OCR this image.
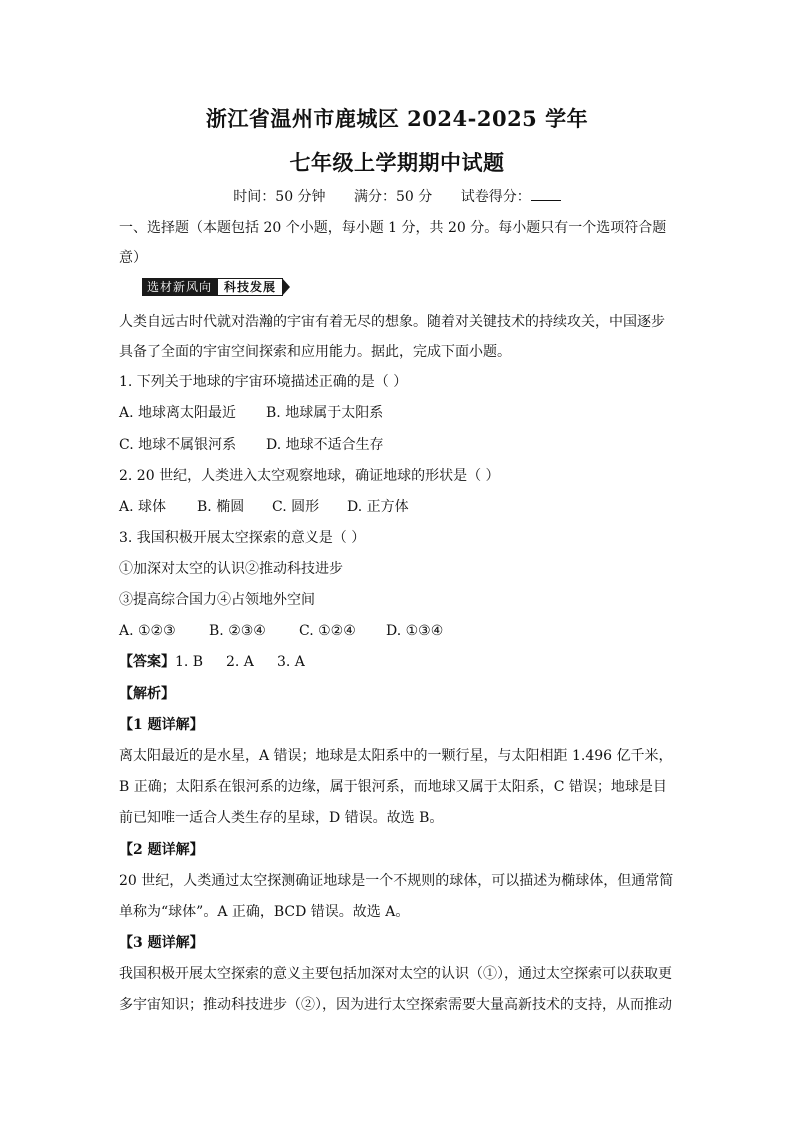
浙江省温州市鹿城区 2024-2025 学年
七年级上学期期中试题
时间：50 分钟 满分：50 分 试卷得分：
一、选择题（本题包括 20 个小题，每小题 1 分，共 20 分。每小题只有一个选项符合题
意）
选材新风向	科技发展
人类自远古时代就对浩瀚的宇宙有着无尽的想象。随着对关键技术的持续攻关，中国逐步
具备了全面的宇宙空间探索和应用能力。据此，完成下面小题。
1. 下列关于地球的宇宙环境描述正确的是（ ）
A. 地球离太阳最近 B. 地球属于太阳系
C. 地球不属银河系 D. 地球不适合生存
2. 20 世纪，人类进入太空观察地球，确证地球的形状是（ ）
A. 球体 B. 椭圆 C. 圆形 D. 正方体
3. 我国积极开展太空探索的意义是（ ）
①加深对太空的认识②推动科技进步
③提高综合国力④占领地外空间
A. ①②③ B. ②③④ C. ①②④ D. ①③④
【答案】1. B 2. A 3. A
【解析】
【1 题详解】
离太阳最近的是水星，A 错误；地球是太阳系中的一颗行星，与太阳相距 1.496 亿千米，
B 正确；太阳系在银河系的边缘，属于银河系，而地球又属于太阳系，C 错误；地球是目
前已知唯一适合人类生存的星球，D 错误。故选 B。
【2 题详解】
20 世纪，人类通过太空探测确证地球是一个不规则的球体，可以描述为椭球体，但通常简
单称为“球体”。A 正确，BCD 错误。故选 A。
【3 题详解】
我国积极开展太空探索的意义主要包括加深对太空的认识（①），通过太空探索可以获取更
多宇宙知识；推动科技进步（②），因为进行太空探索需要大量高新技术的支持，从而推动
